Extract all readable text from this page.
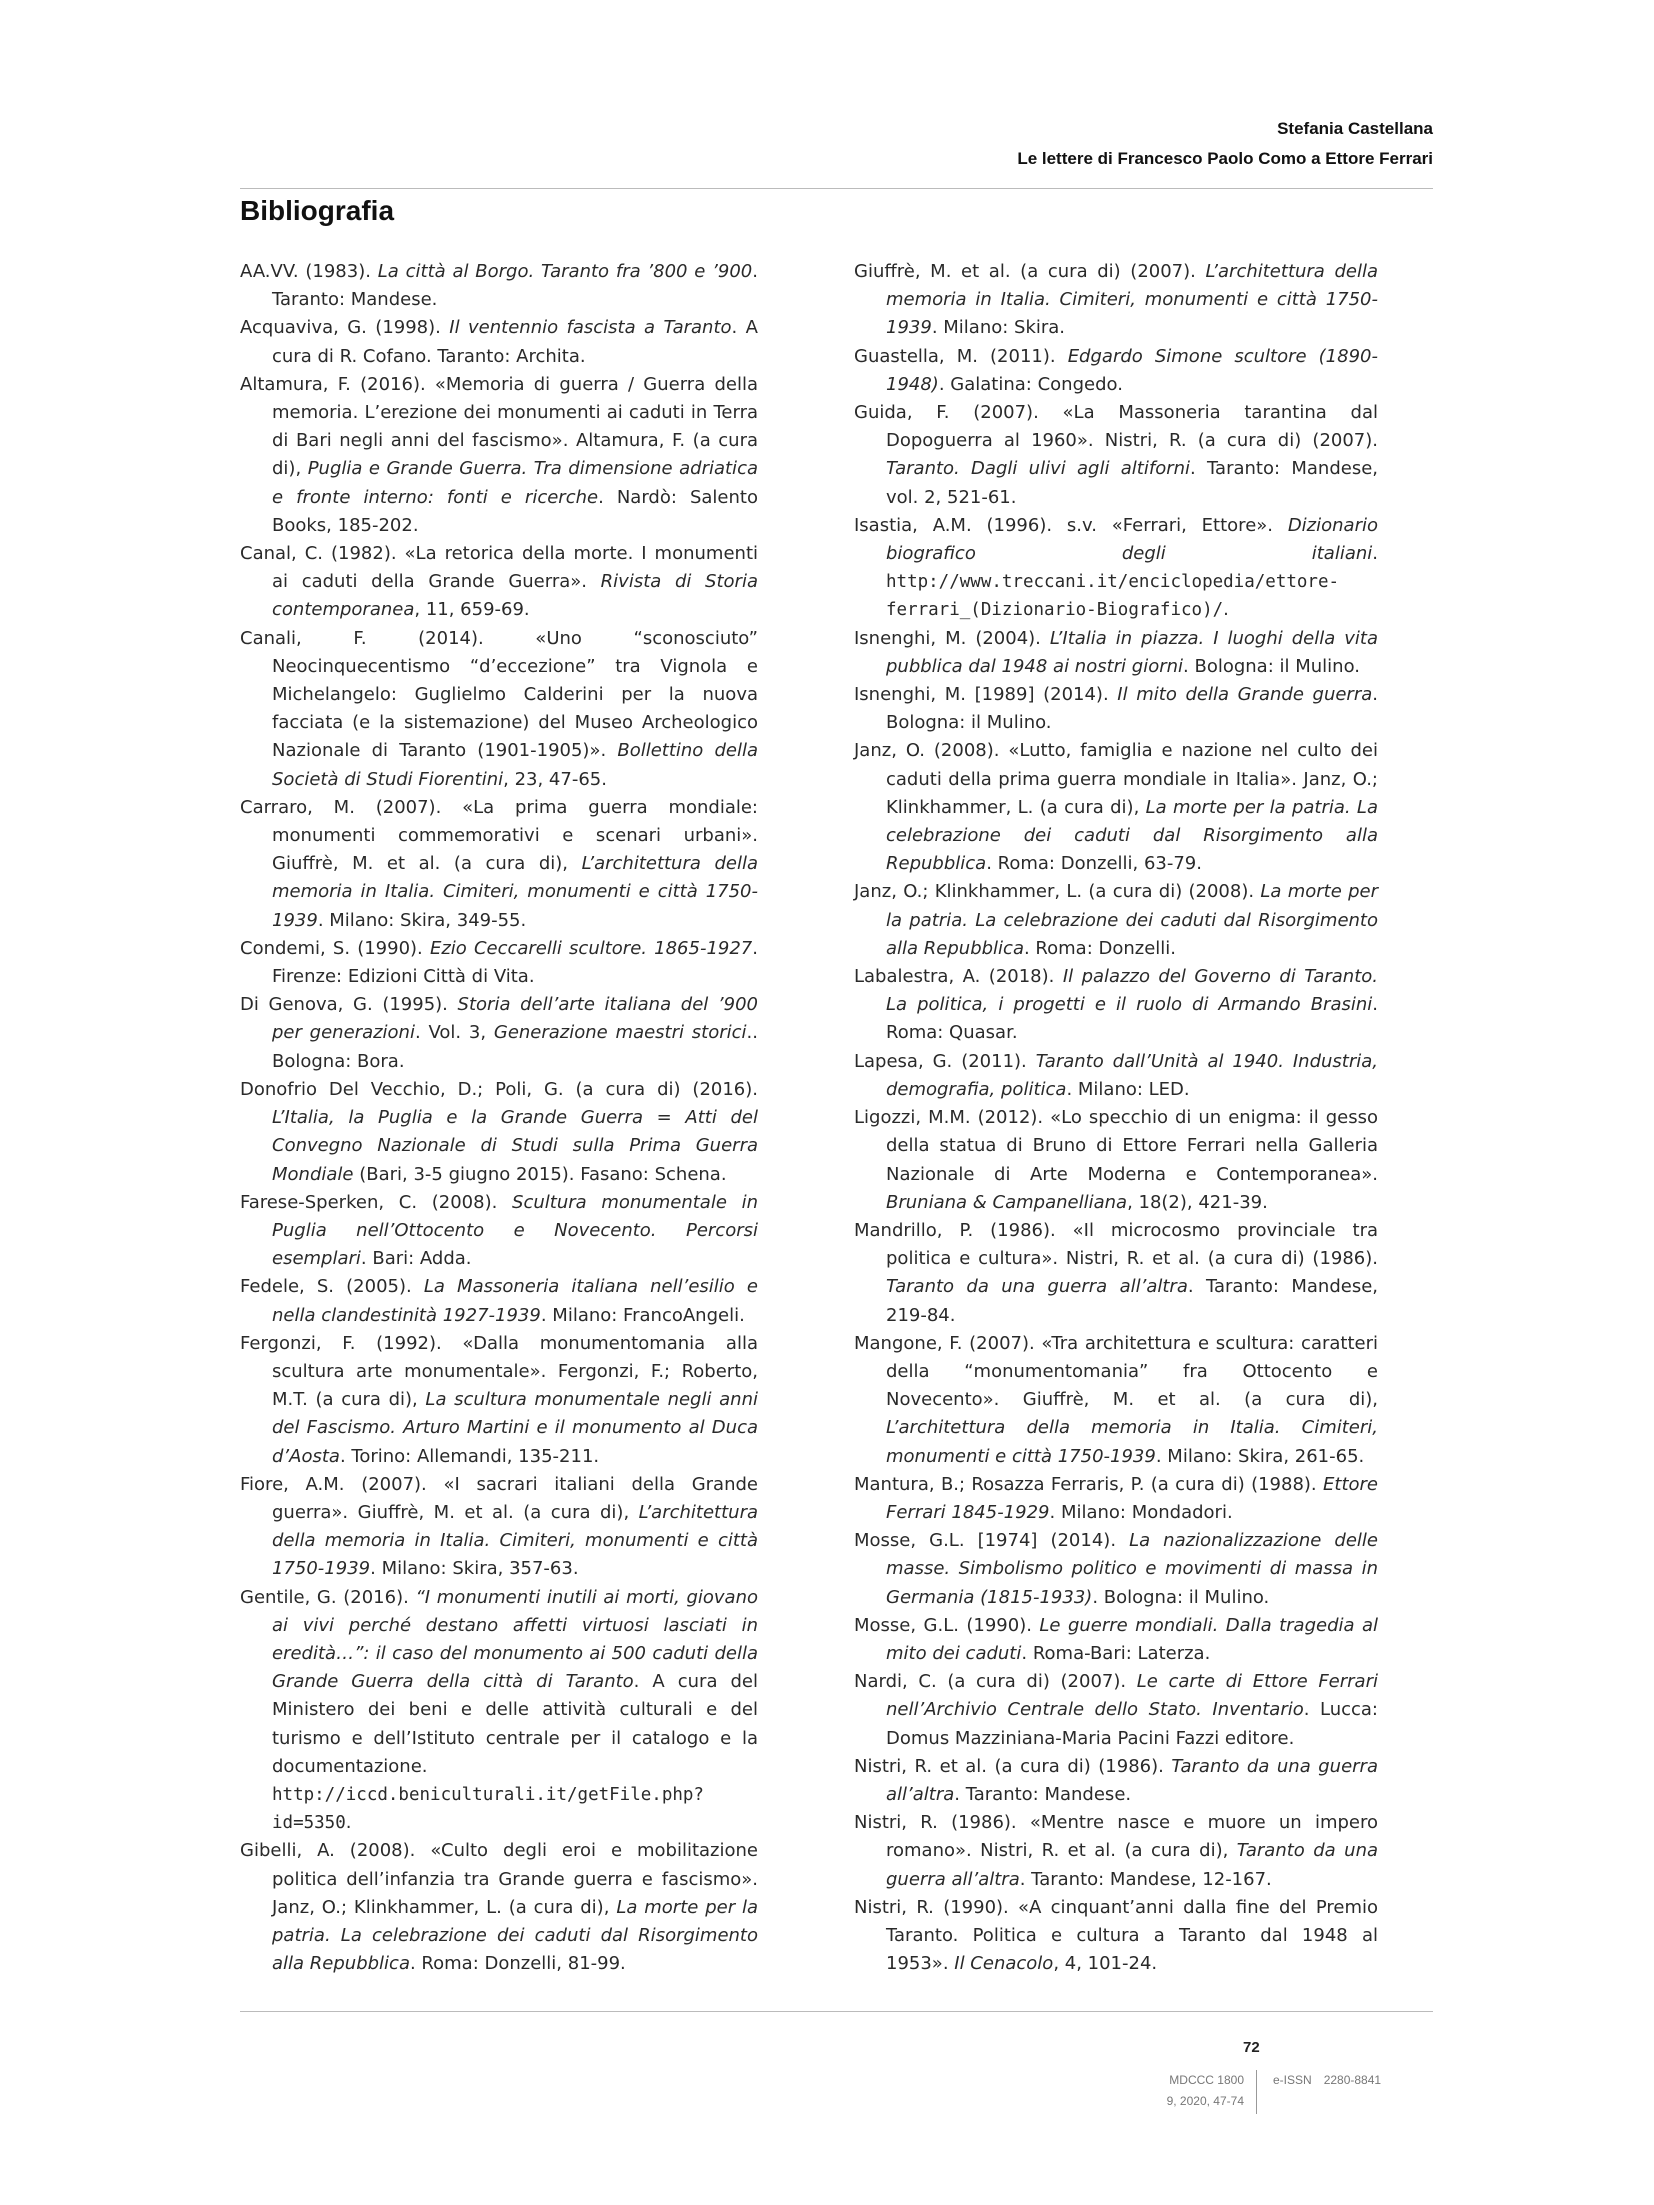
Stefania Castellana
Le lettere di Francesco Paolo Como a Ettore Ferrari
Bibliografia

AA.VV. (1983). La città al Borgo. Taranto fra ’800 e ’900. Taranto: Mandese.

Acquaviva, G. (1998). Il ventennio fascista a Taranto. A cura di R. Cofano. Taranto: Archita.

Altamura, F. (2016). «Memoria di guerra / Guerra della memoria. L’erezione dei monumenti ai caduti in Terra di Bari negli anni del fascismo». Altamura, F. (a cura di), Puglia e Grande Guerra. Tra dimensione adriatica e fronte interno: fonti e ricerche. Nardò: Salento Books, 185-202.

Canal, C. (1982). «La retorica della morte. I monumenti ai caduti della Grande Guerra». Rivista di Storia contemporanea, 11, 659-69.

Canali, F. (2014). «Uno “sconosciuto” Neocinquecentismo “d’eccezione” tra Vignola e Michelangelo: Guglielmo Calderini per la nuova facciata (e la sistemazione) del Museo Archeologico Nazionale di Taranto (1901-1905)». Bollettino della Società di Studi Fiorentini, 23, 47-65.

Carraro, M. (2007). «La prima guerra mondiale: monumenti commemorativi e scenari urbani». Giuffrè, M. et al. (a cura di), L’architettura della memoria in Italia. Cimiteri, monumenti e città 1750-1939. Milano: Skira, 349-55.

Condemi, S. (1990). Ezio Ceccarelli scultore. 1865-1927. Firenze: Edizioni Città di Vita.

Di Genova, G. (1995). Storia dell’arte italiana del ’900 per generazioni. Vol. 3, Generazione maestri storici.. Bologna: Bora.

Donofrio Del Vecchio, D.; Poli, G. (a cura di) (2016). L’Italia, la Puglia e la Grande Guerra = Atti del Convegno Nazionale di Studi sulla Prima Guerra Mondiale (Bari, 3-5 giugno 2015). Fasano: Schena.

Farese-Sperken, C. (2008). Scultura monumentale in Puglia nell’Ottocento e Novecento. Percorsi esemplari. Bari: Adda.

Fedele, S. (2005). La Massoneria italiana nell’esilio e nella clandestinità 1927-1939. Milano: FrancoAngeli.

Fergonzi, F. (1992). «Dalla monumentomania alla scultura arte monumentale». Fergonzi, F.; Roberto, M.T. (a cura di), La scultura monumentale negli anni del Fascismo. Arturo Martini e il monumento al Duca d’Aosta. Torino: Allemandi, 135-211.

Fiore, A.M. (2007). «I sacrari italiani della Grande guerra». Giuffrè, M. et al. (a cura di), L’architettura della memoria in Italia. Cimiteri, monumenti e città 1750-1939. Milano: Skira, 357-63.

Gentile, G. (2016). “I monumenti inutili ai morti, giovano ai vivi perché destano affetti virtuosi lasciati in eredità…”: il caso del monumento ai 500 caduti della Grande Guerra della città di Taranto. A cura del Ministero dei beni e delle attività culturali e del turismo e dell’Istituto centrale per il catalogo e la documentazione. http://iccd.beniculturali.it/getFile.php?id=5350.

Gibelli, A. (2008). «Culto degli eroi e mobilitazione politica dell’infanzia tra Grande guerra e fascismo». Janz, O.; Klinkhammer, L. (a cura di), La morte per la patria. La celebrazione dei caduti dal Risorgimento alla Repubblica. Roma: Donzelli, 81-99.

Giuffrè, M. et al. (a cura di) (2007). L’architettura della memoria in Italia. Cimiteri, monumenti e città 1750-1939. Milano: Skira.

Guastella, M. (2011). Edgardo Simone scultore (1890-1948). Galatina: Congedo.

Guida, F. (2007). «La Massoneria tarantina dal Dopoguerra al 1960». Nistri, R. (a cura di) (2007). Taranto. Dagli ulivi agli altiforni. Taranto: Mandese, vol. 2, 521-61.

Isastia, A.M. (1996). s.v. «Ferrari, Ettore». Dizionario biografico degli italiani. http://www.treccani.it/enciclopedia/ettore-ferrari_(Dizionario-Biografico)/.

Isnenghi, M. (2004). L’Italia in piazza. I luoghi della vita pubblica dal 1948 ai nostri giorni. Bologna: il Mulino.

Isnenghi, M. [1989] (2014). Il mito della Grande guerra. Bologna: il Mulino.

Janz, O. (2008). «Lutto, famiglia e nazione nel culto dei caduti della prima guerra mondiale in Italia». Janz, O.; Klinkhammer, L. (a cura di), La morte per la patria. La celebrazione dei caduti dal Risorgimento alla Repubblica. Roma: Donzelli, 63-79.

Janz, O.; Klinkhammer, L. (a cura di) (2008). La morte per la patria. La celebrazione dei caduti dal Risorgimento alla Repubblica. Roma: Donzelli.

Labalestra, A. (2018). Il palazzo del Governo di Taranto. La politica, i progetti e il ruolo di Armando Brasini. Roma: Quasar.

Lapesa, G. (2011). Taranto dall’Unità al 1940. Industria, demografia, politica. Milano: LED.

Ligozzi, M.M. (2012). «Lo specchio di un enigma: il gesso della statua di Bruno di Ettore Ferrari nella Galleria Nazionale di Arte Moderna e Contemporanea». Bruniana & Campanelliana, 18(2), 421-39.

Mandrillo, P. (1986). «Il microcosmo provinciale tra politica e cultura». Nistri, R. et al. (a cura di) (1986). Taranto da una guerra all’altra. Taranto: Mandese, 219-84.

Mangone, F. (2007). «Tra architettura e scultura: caratteri della “monumentomania” fra Ottocento e Novecento». Giuffrè, M. et al. (a cura di), L’architettura della memoria in Italia. Cimiteri, monumenti e città 1750-1939. Milano: Skira, 261-65.

Mantura, B.; Rosazza Ferraris, P. (a cura di) (1988). Ettore Ferrari 1845-1929. Milano: Mondadori.

Mosse, G.L. [1974] (2014). La nazionalizzazione delle masse. Simbolismo politico e movimenti di massa in Germania (1815-1933). Bologna: il Mulino.

Mosse, G.L. (1990). Le guerre mondiali. Dalla tragedia al mito dei caduti. Roma-Bari: Laterza.

Nardi, C. (a cura di) (2007). Le carte di Ettore Ferrari nell’Archivio Centrale dello Stato. Inventario. Lucca: Domus Mazziniana-Maria Pacini Fazzi editore.

Nistri, R. et al. (a cura di) (1986). Taranto da una guerra all’altra. Taranto: Mandese.

Nistri, R. (1986). «Mentre nasce e muore un impero romano». Nistri, R. et al. (a cura di), Taranto da una guerra all’altra. Taranto: Mandese, 12-167.

Nistri, R. (1990). «A cinquant’anni dalla fine del Premio Taranto. Politica e cultura a Taranto dal 1948 al 1953». Il Cenacolo, 4, 101-24.

72
MDCCC 1800
9, 2020, 47-74
e-ISSN 2280-8841
